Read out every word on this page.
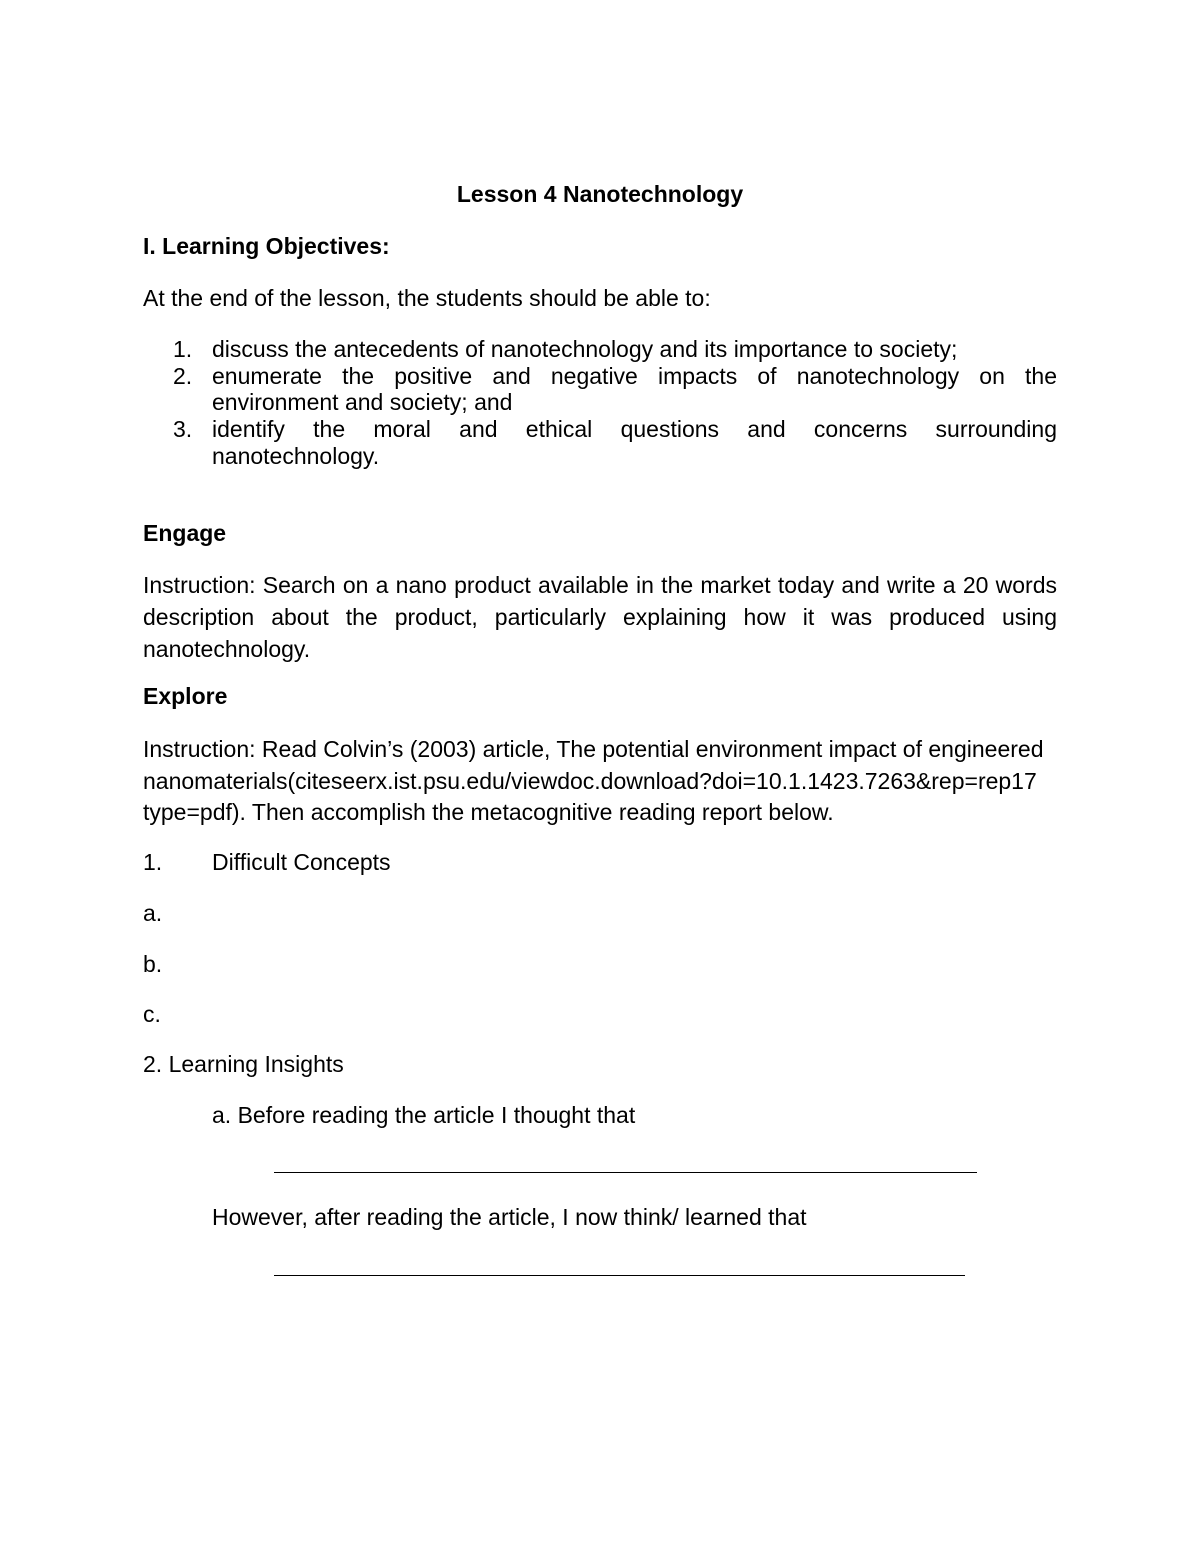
Lesson 4 Nanotechnology
I. Learning Objectives:
At the end of the lesson, the students should be able to:
1. discuss the antecedents of nanotechnology and its importance to society;
2. enumerate the positive and negative impacts of nanotechnology on the
environment and society; and
3. identify the moral and ethical questions and concerns surrounding
nanotechnology.
Engage
Instruction: Search on a nano product available in the market today and write a 20 words
description about the product, particularly explaining how it was produced using
nanotechnology.
Explore
Instruction: Read Colvin’s (2003) article, The potential environment impact of engineered
nanomaterials(citeseerx.ist.psu.edu/viewdoc.download?doi=10.1.1423.7263&rep=rep17
type=pdf). Then accomplish the metacognitive reading report below.
1. Difficult Concepts
a.
b.
c.
2. Learning Insights
a. Before reading the article I thought that
However, after reading the article, I now think/ learned that
